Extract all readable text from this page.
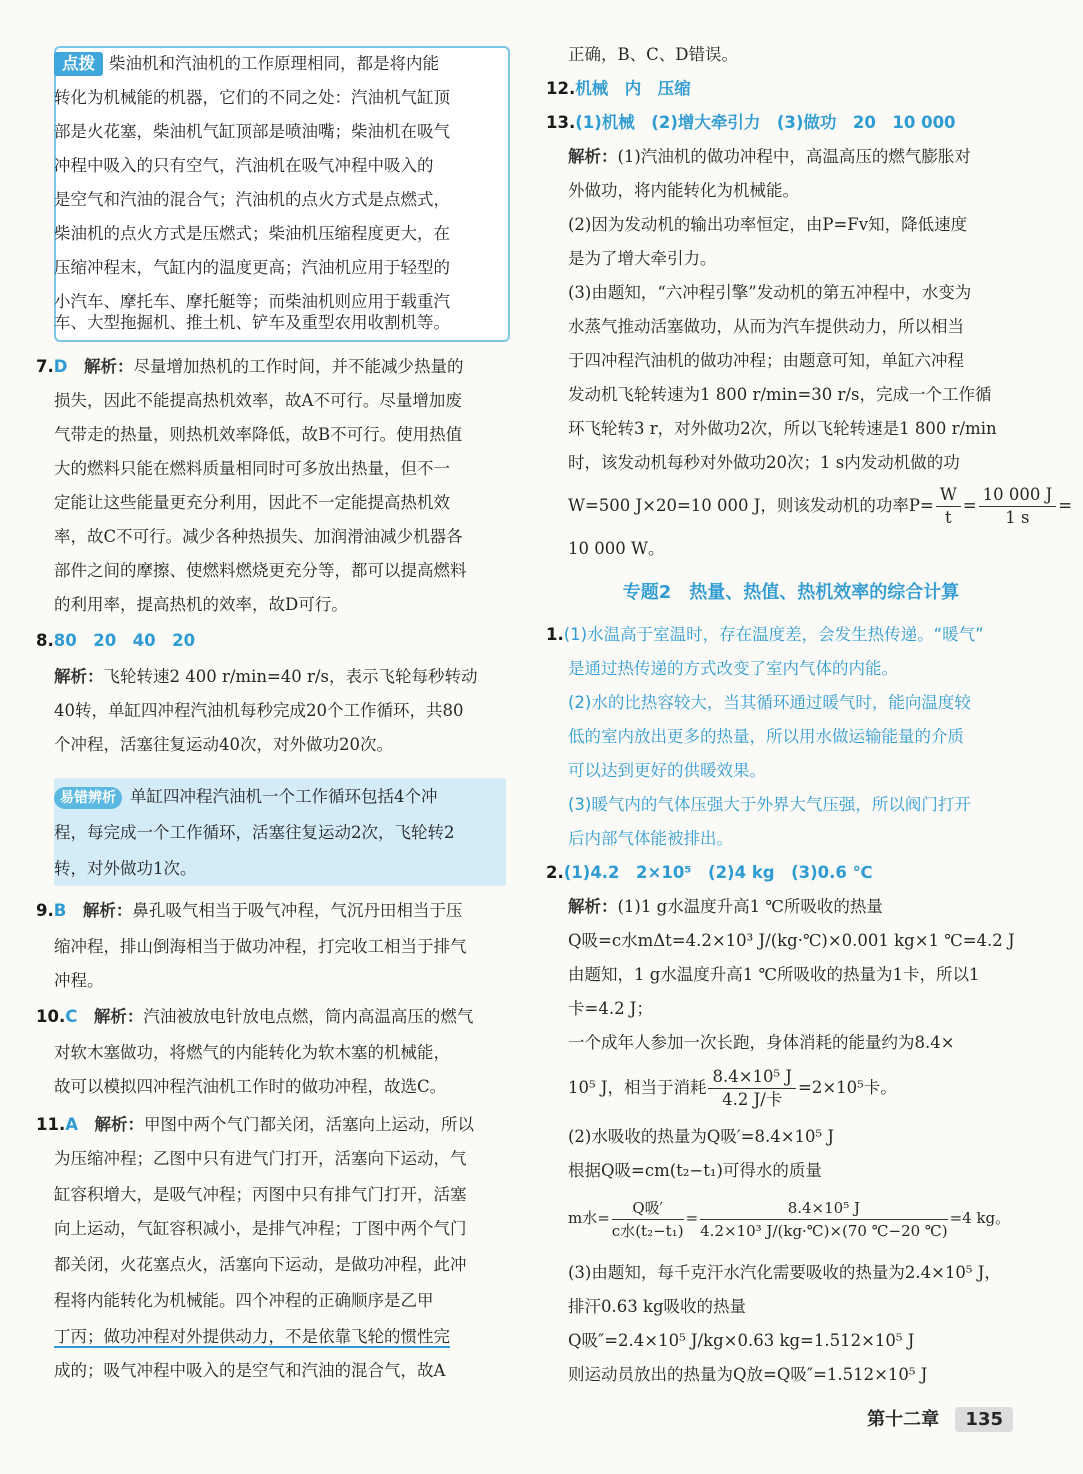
点拨 柴油机和汽油机的工作原理相同，都是将内能
转化为机械能的机器，它们的不同之处：汽油机气缸顶
部是火花塞，柴油机气缸顶部是喷油嘴；柴油机在吸气
冲程中吸入的只有空气，汽油机在吸气冲程中吸入的
是空气和汽油的混合气；汽油机的点火方式是点燃式，
柴油机的点火方式是压燃式；柴油机压缩程度更大，在
压缩冲程末，气缸内的温度更高；汽油机应用于轻型的
小汽车、摩托车、摩托艇等；而柴油机则应用于载重汽
车、大型拖掘机、推土机、铲车及重型农用收割机等。
7.D　 解析：尽量增加热机的工作时间，并不能减少热量的
损失，因此不能提高热机效率，故A不可行。尽量增加废
气带走的热量，则热机效率降低，故B不可行。使用热值
大的燃料只能在燃料质量相同时可多放出热量，但不一
定能让这些能量更充分利用，因此不一定能提高热机效
率，故C不可行。减少各种热损失、加润滑油减少机器各
部件之间的摩擦、使燃料燃烧更充分等，都可以提高燃料
的利用率，提高热机的效率，故D可行。
8.80　20　40　20
解析：飞轮转速2 400 r/min=40 r/s，表示飞轮每秒转动
40转，单缸四冲程汽油机每秒完成20个工作循环，共80
个冲程，活塞往复运动40次，对外做功20次。
易错辨析 单缸四冲程汽油机一个工作循环包括4个冲
程，每完成一个工作循环，活塞往复运动2次，飞轮转2
转，对外做功1次。
9.B　 解析：鼻孔吸气相当于吸气冲程，气沉丹田相当于压
缩冲程，排山倒海相当于做功冲程，打完收工相当于排气
冲程。
10.C　 解析：汽油被放电针放电点燃，筒内高温高压的燃气
对软木塞做功，将燃气的内能转化为软木塞的机械能，
故可以模拟四冲程汽油机工作时的做功冲程，故选C。
11.A　 解析：甲图中两个气门都关闭，活塞向上运动，所以
为压缩冲程；乙图中只有进气门打开，活塞向下运动，气
缸容积增大，是吸气冲程；丙图中只有排气门打开，活塞
向上运动，气缸容积减小，是排气冲程；丁图中两个气门
都关闭，火花塞点火，活塞向下运动，是做功冲程，此冲
程将内能转化为机械能。四个冲程的正确顺序是乙甲
丁丙；做功冲程对外提供动力，不是依靠飞轮的惯性完
成的；吸气冲程中吸入的是空气和汽油的混合气，故A
正确，B、C、D错误。
12.机械　内　压缩
13.(1)机械　(2)增大牵引力　(3)做功　20　10 000
解析：(1)汽油机的做功冲程中，高温高压的燃气膨胀对
外做功，将内能转化为机械能。
(2)因为发动机的输出功率恒定，由P=Fv知，降低速度
是为了增大牵引力。
(3)由题知，“六冲程引擎”发动机的第五冲程中，水变为
水蒸气推动活塞做功，从而为汽车提供动力，所以相当
于四冲程汽油机的做功冲程；由题意可知，单缸六冲程
发动机飞轮转速为1 800 r/min=30 r/s，完成一个工作循
环飞轮转3 r，对外做功2次，所以飞轮转速是1 800 r/min
时，该发动机每秒对外做功20次；1 s内发动机做的功
W=500 J×20=10 000 J，则该发动机的功率$P= \frac{W}{t} = \frac{10 000 J}{1 s}$ =
10 000 W。
专题2　热量、热值、热机效率的综合计算
1.(1)水温高于室温时，存在温度差，会发生热传递。“暖气”
是通过热传递的方式改变了室内气体的内能。
(2)水的比热容较大，当其循环通过暖气时，能向温度较
低的室内放出更多的热量，所以用水做运输能量的介质
可以达到更好的供暖效果。
(3)暖气内的气体压强大于外界大气压强，所以阀门打开
后内部气体能被排出。
2.(1)4.2　2×10⁵　(2)4 kg　(3)0.6 ℃
解析：(1)1 g水温度升高1 ℃所吸收的热量
Q吸=c水mΔt=4.2×10³ J/(kg·℃)×0.001 kg×1 ℃=4.2 J
由题知，1 g水温度升高1 ℃所吸收的热量为1卡，所以1
卡=4.2 J；
一个成年人参加一次长跑，身体消耗的能量约为8.4×
10⁵ J，相当于消耗 $\frac{\text{8.4×10⁵ J}}{\text{4.2 J/卡}} =2\times 10^5$卡。
(2)水吸收的热量为Q吸′=8.4×10⁵ J
根据Q吸=cm(t₂−t₁)可得水的质量
m水= $\frac{\text{Q吸′}}{\text{c水(t₂−t₁)}} = \frac{\text{8.4×10⁵ J}}{\text{4.2×10³ J/(kg·℃)×(70 ℃−20 ℃)}} =4$ kg。
(3)由题知，每千克汗水汽化需要吸收的热量为2.4×10⁵ J，
排汗0.63 kg吸收的热量
Q吸″=2.4×10⁵ J/kg×0.63 kg=1.512×10⁵ J
则运动员放出的热量为Q放=Q吸″=1.512×10⁵ J
第十二章 135
